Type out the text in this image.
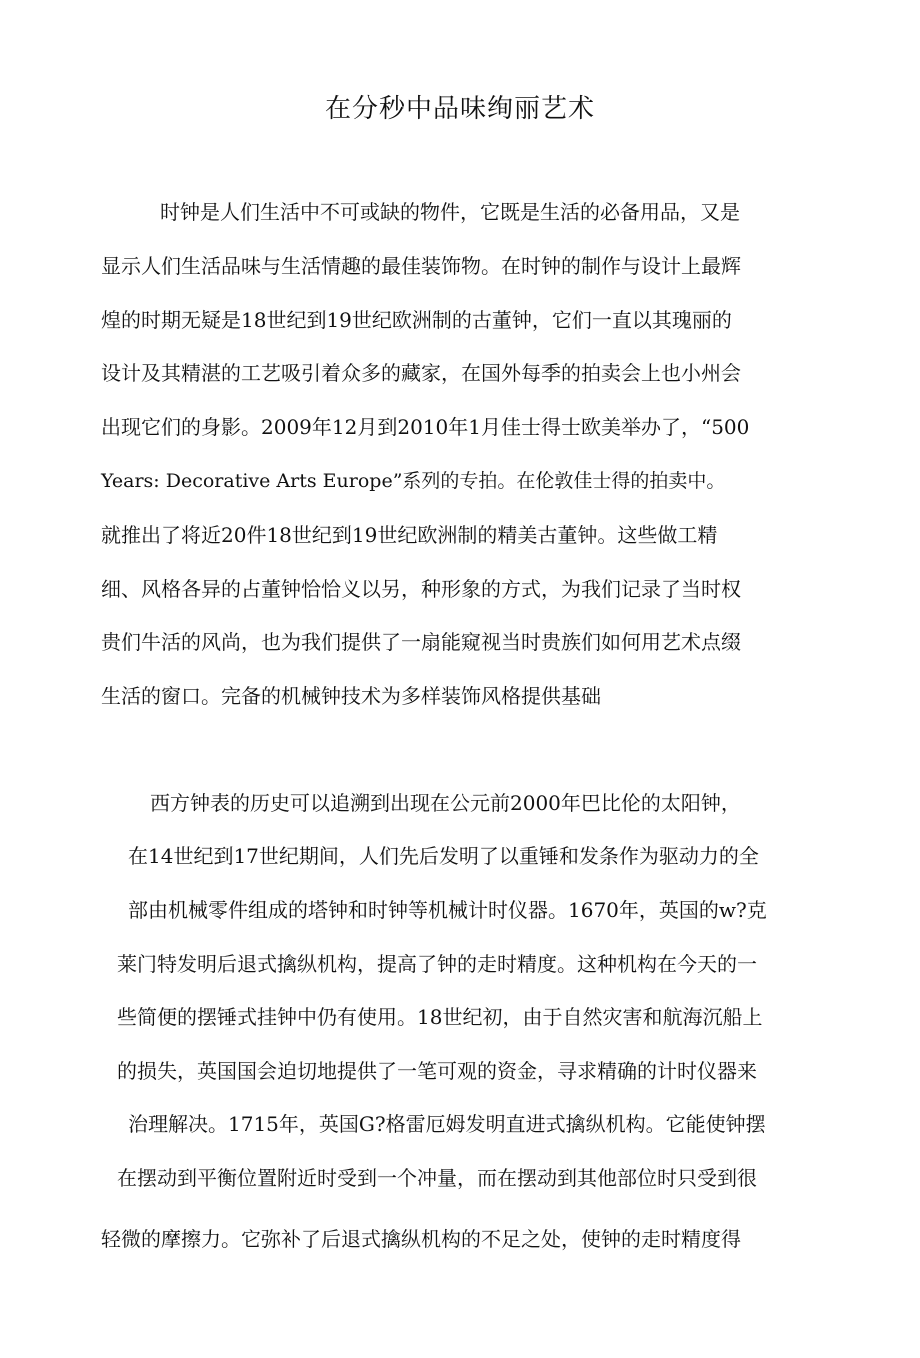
在分秒中品味绚丽艺术
时钟是人们生活中不可或缺的物件，它既是生活的必备用品，又是
显示人们生活品味与生活情趣的最佳装饰物。在时钟的制作与设计上最辉
煌的时期无疑是18世纪到19世纪欧洲制的古董钟，它们一直以其瑰丽的
设计及其精湛的工艺吸引着众多的藏家，在国外每季的拍卖会上也小州会
出现它们的身影。2009年12月到2010年1月佳士得士欧美举办了，“500
Years: Decorative Arts Europe”系列的专拍。在伦敦佳士得的拍卖中。
就推出了将近20件18世纪到19世纪欧洲制的精美古董钟。这些做工精
细、风格各异的占董钟恰恰义以另，种形象的方式，为我们记录了当时权
贵们牛活的风尚，也为我们提供了一扇能窥视当时贵族们如何用艺术点缀
生活的窗口。完备的机械钟技术为多样装饰风格提供基础
西方钟表的历史可以追溯到出现在公元前2000年巴比伦的太阳钟，
在14世纪到17世纪期间，人们先后发明了以重锤和发条作为驱动力的全
部由机械零件组成的塔钟和时钟等机械计时仪器。1670年，英国的w?克
莱门特发明后退式擒纵机构，提高了钟的走时精度。这种机构在今天的一
些简便的摆锤式挂钟中仍有使用。18世纪初，由于自然灾害和航海沉船上
的损失，英国国会迫切地提供了一笔可观的资金，寻求精确的计时仪器来
治理解决。1715年，英国G?格雷厄姆发明直进式擒纵机构。它能使钟摆
在摆动到平衡位置附近时受到一个冲量，而在摆动到其他部位时只受到很
轻微的摩擦力。它弥补了后退式擒纵机构的不足之处，使钟的走时精度得
